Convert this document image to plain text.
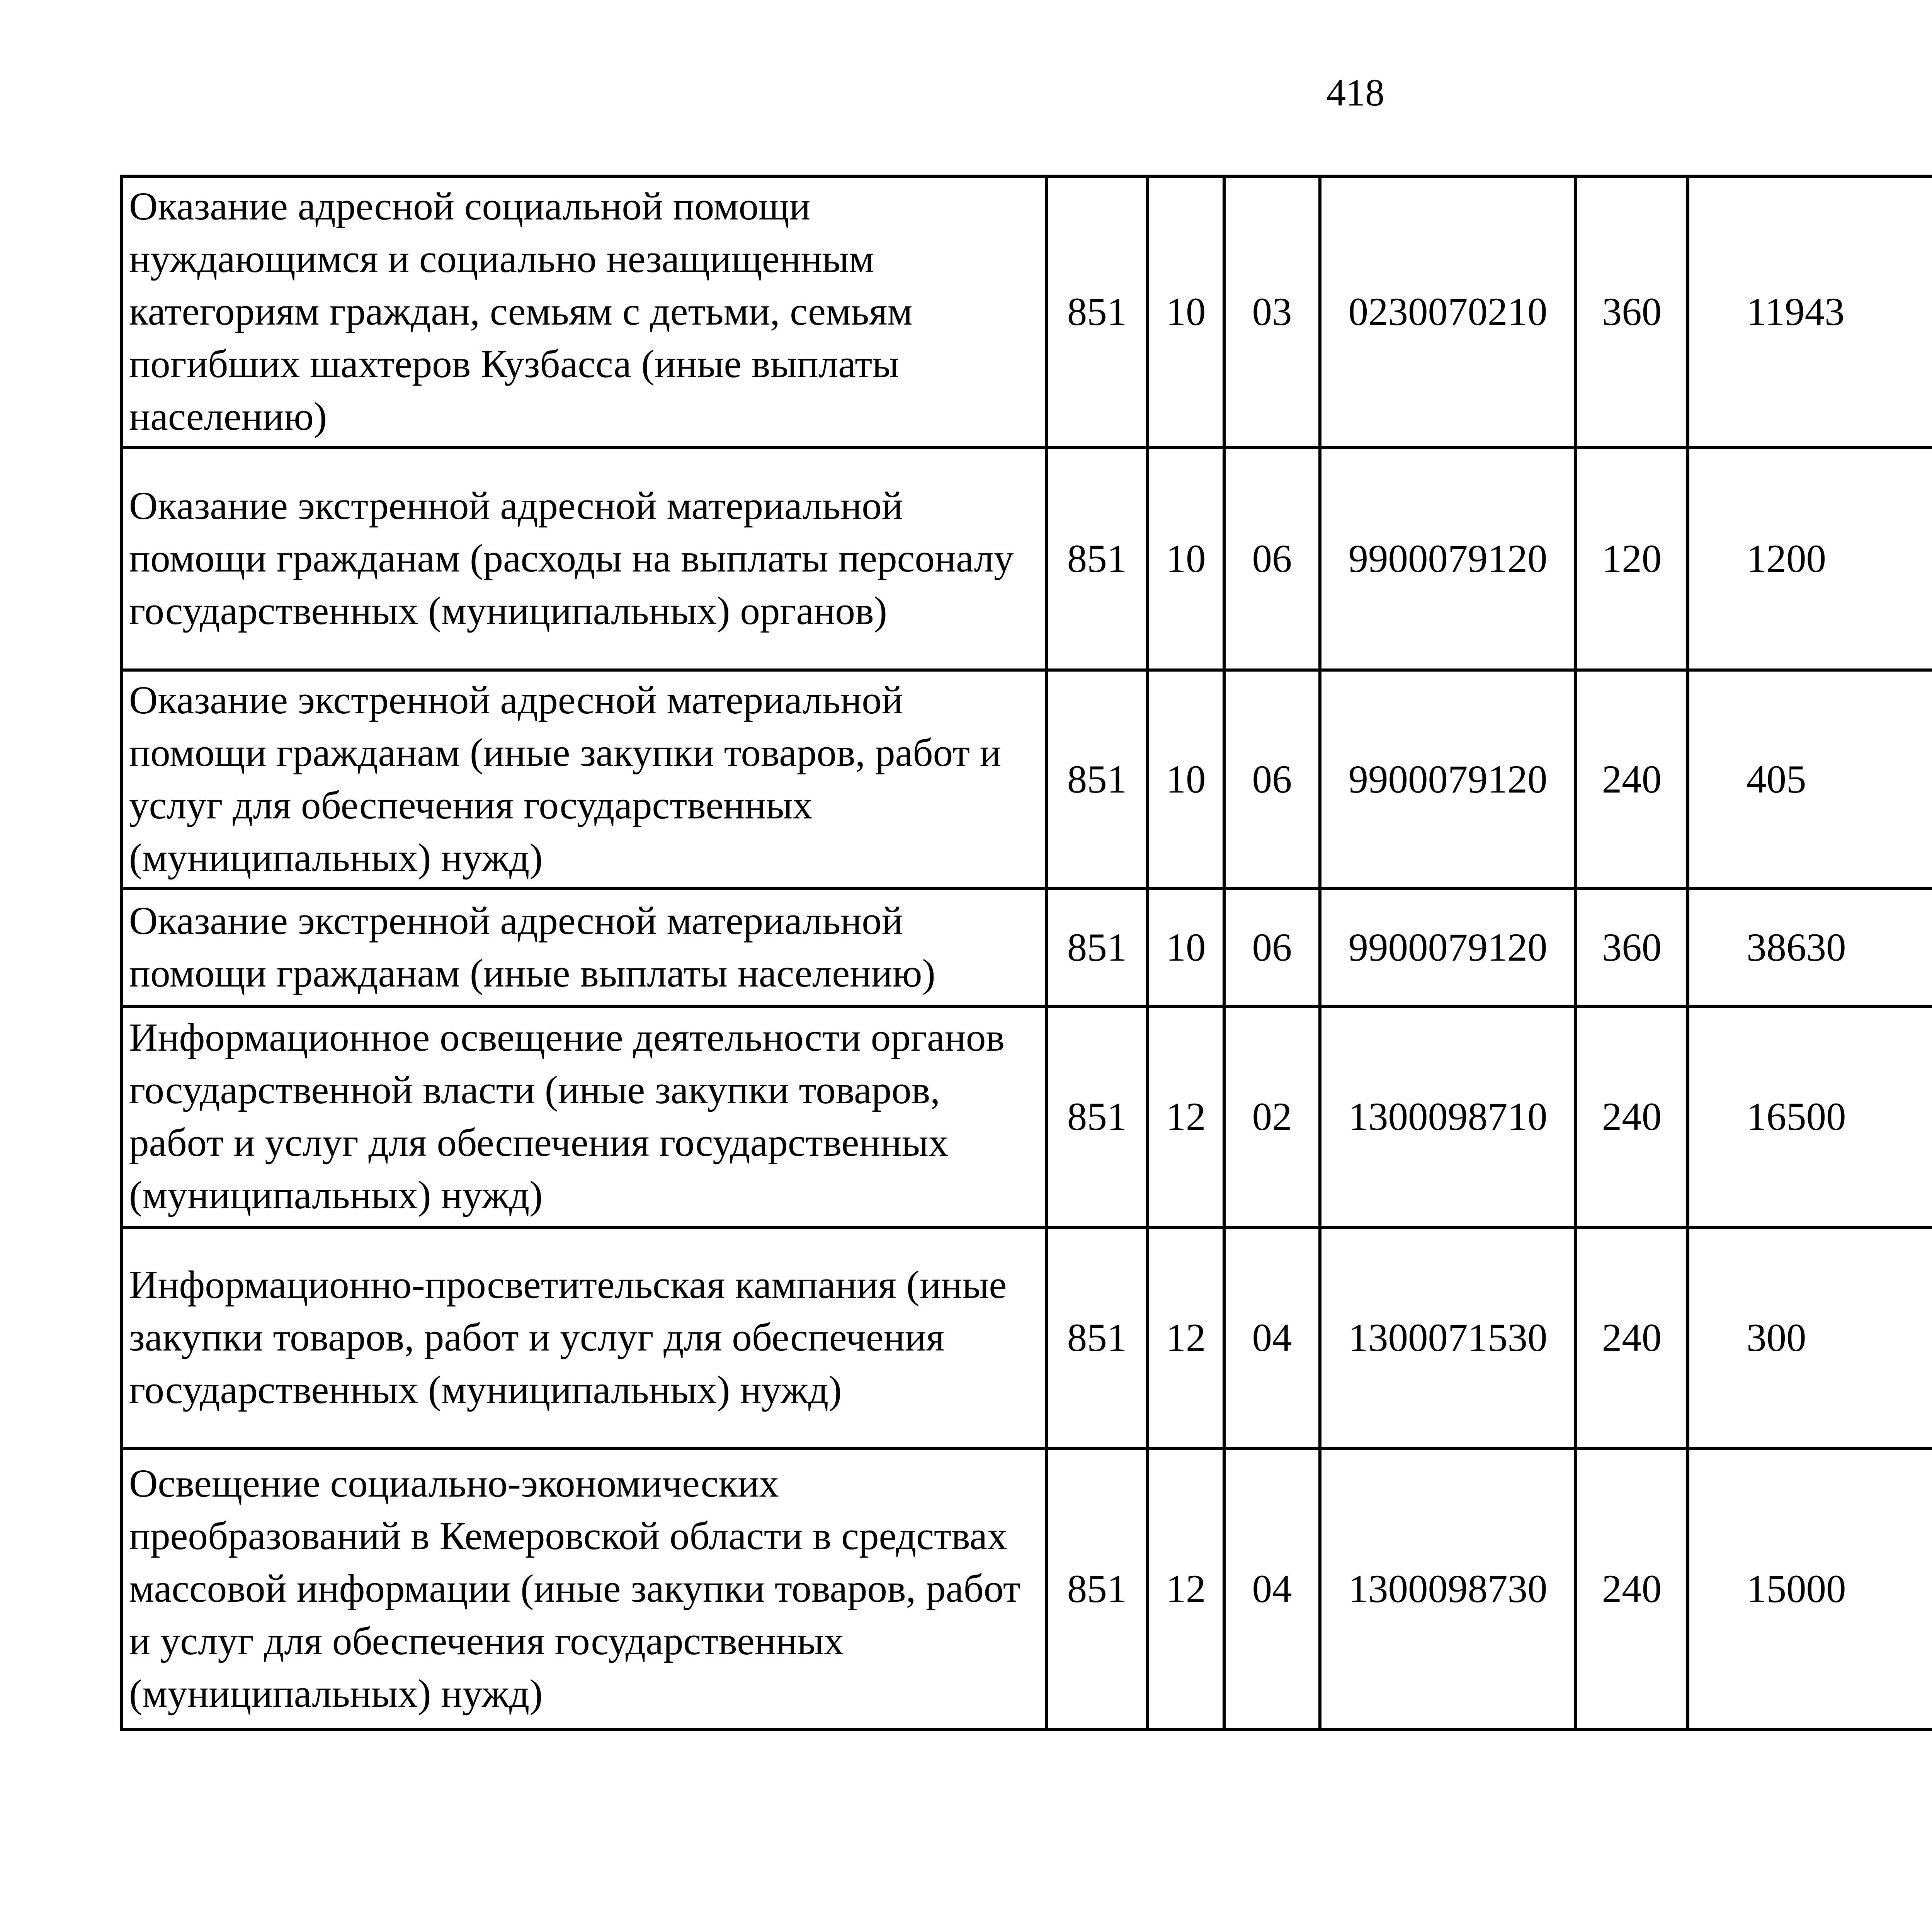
418
Оказание адресной социальной помощи нуждающимся и социально незащищенным категориям граждан, семьям с детьми, семьям погибших шахтеров Кузбасса (иные выплаты населению)	851	10	03	0230070210	360	11943		
Оказание экстренной адресной материальной помощи гражданам (расходы на выплаты персоналу государственных (муниципальных) органов)	851	10	06	9900079120	120	1200		
Оказание экстренной адресной материальной помощи гражданам (иные закупки товаров, работ и услуг для обеспечения государственных (муниципальных) нужд)	851	10	06	9900079120	240	405		
Оказание экстренной адресной материальной помощи гражданам (иные выплаты населению)	851	10	06	9900079120	360	38630		
Информационное освещение деятельности органов государственной власти (иные закупки товаров, работ и услуг для обеспечения государственных (муниципальных) нужд)	851	12	02	1300098710	240	16500		
Информационно-просветительская кампания (иные закупки товаров, работ и услуг для обеспечения государственных (муниципальных) нужд)	851	12	04	1300071530	240	300		
Освещение социально-экономических преобразований в Кемеровской области в средствах массовой информации (иные закупки товаров, работ и услуг для обеспечения государственных (муниципальных) нужд)	851	12	04	1300098730	240	15000		
